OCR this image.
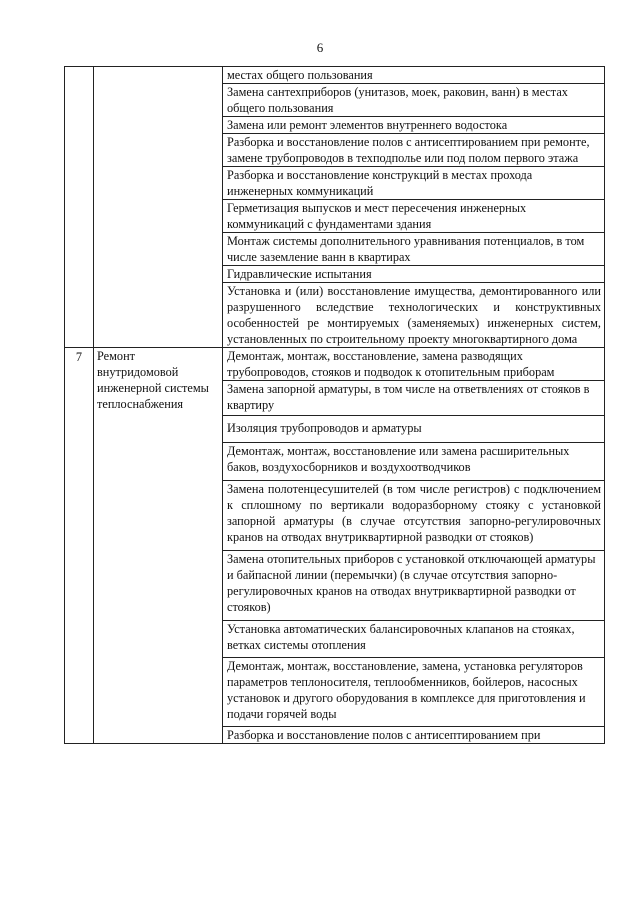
6
		местах общего пользования
		Замена сантехприборов (унитазов, моек, раковин, ванн) в местах общего пользования
		Замена или ремонт элементов внутреннего водостока
		Разборка и восстановление полов с антисептированием при ремонте, замене трубопроводов в техподполье или под полом первого этажа
		Разборка и восстановление конструкций в местах прохода инженерных коммуникаций
		Герметизация выпусков и мест пересечения инженерных коммуникаций с фундаментами здания
		Монтаж системы дополнительного уравнивания потенциалов, в том числе заземление ванн в квартирах
		Гидравлические испытания
		Установка и (или) восстановление имущества, демонтированного или разрушенного вследствие технологических и конструктивных особенностей ре монтируемых (заменяемых) инженерных систем, установленных по строительному проекту многоквартирного дома
7	Ремонт внутридомовой инженерной системы теплоснабжения	Демонтаж, монтаж, восстановление, замена разводящих трубопроводов, стояков и подводок к отопительным приборам
		Замена запорной арматуры, в том числе на ответвлениях от стояков в квартиру
		Изоляция трубопроводов и арматуры
		Демонтаж, монтаж, восстановление или замена расширительных баков, воздухосборников и воздухоотводчиков
		Замена полотенцесушителей (в том числе регистров) с подключением к сплошному по вертикали водоразборному стояку с установкой запорной арматуры (в случае отсутствия запорно-регулировочных кранов на отводах внутриквартирной разводки от стояков)
		Замена отопительных приборов с установкой отключающей арматуры и байпасной линии (перемычки) (в случае отсутствия запорно-регулировочных кранов на отводах внутриквартирной разводки от стояков)
		Установка автоматических балансировочных клапанов на стояках, ветках системы отопления
		Демонтаж, монтаж, восстановление, замена, установка регуляторов параметров теплоносителя, теплообменников, бойлеров, насосных установок и другого оборудования в комплексе для приготовления и подачи горячей воды
		Разборка и восстановление полов с антисептированием при
